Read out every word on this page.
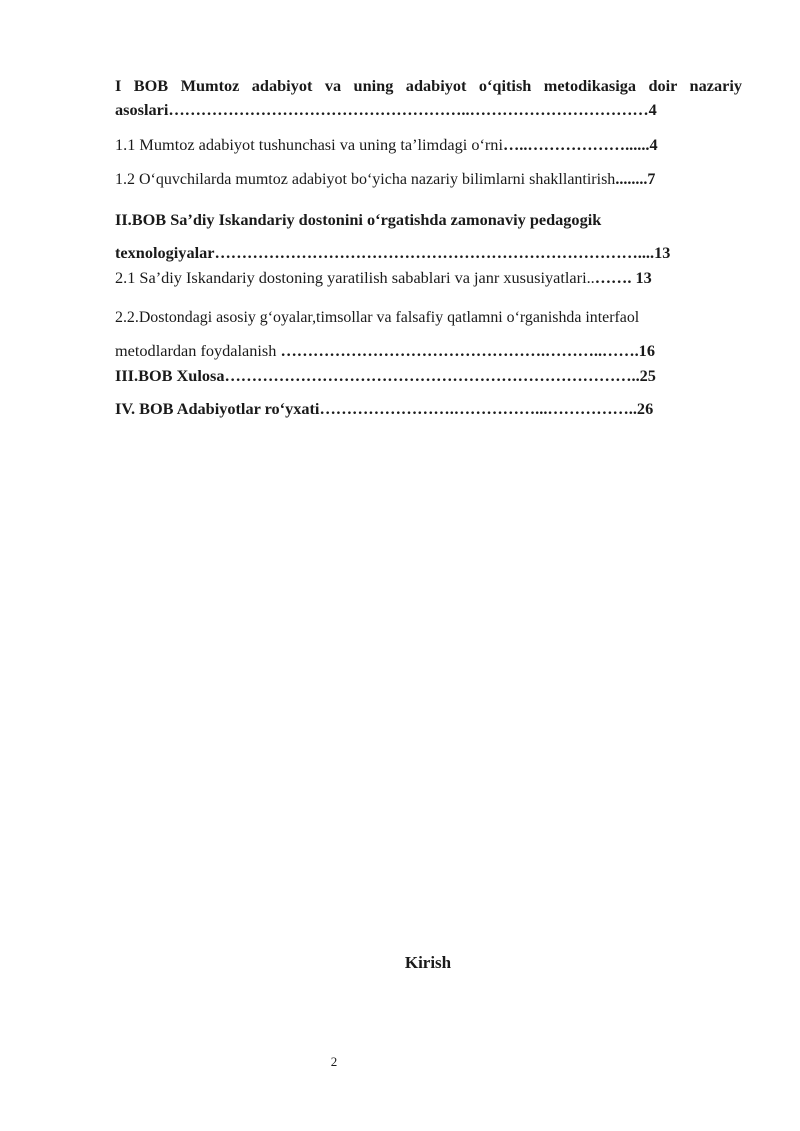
I BOB Mumtoz adabiyot va uning adabiyot o‘qitish metodikasiga doir nazariy
asoslari………………………………………………..……………………………4
1.1 Mumtoz adabiyot tushunchasi va uning ta’limdagi o‘rni…..………………......4
1.2 O‘quvchilarda mumtoz adabiyot bo‘yicha nazariy bilimlarni shakllantirish........7
II.BOB Sa’diy Iskandariy dostonini o‘rgatishda zamonaviy pedagogik
texnologiyalar……………………………………………………………………....13
2.1 Sa’diy Iskandariy dostoning yaratilish sabablari va janr xususiyatlari..……. 13
2.2.Dostondagi asosiy g‘oyalar,timsollar va falsafiy qatlamni o‘rganishda interfaol
metodlardan foydalanish ………………………………………….………..…….16
III.BOB Xulosa…………………………………………………………………..25
IV. BOB Adabiyotlar ro‘yxati…………………….……………...……………..26
Kirish
2
